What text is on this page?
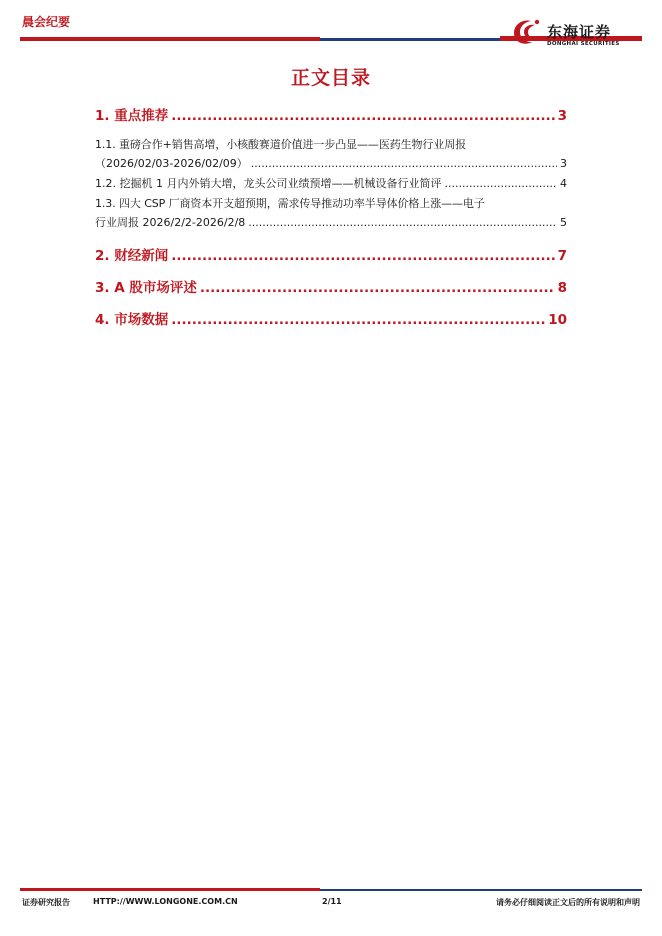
晨会纪要
东海证券
DONGHAI SECURITIES
正文目录
1. 重点推荐 .....	3
1.1. 重磅合作+销售高增，小核酸赛道价值进一步凸显——医药生物行业周报
（2026/02/03-2026/02/09） .....	3
1.2. 挖掘机 1 月内外销大增，龙头公司业绩预增——机械设备行业简评 .....	4
1.3. 四大 CSP 厂商资本开支超预期，需求传导推动功率半导体价格上涨——电子
行业周报 2026/2/2-2026/2/8 .....	5
2. 财经新闻 .....	7
3. A 股市场评述 .....	8
4. 市场数据 .....	10
证券研究报告	HTTP://WWW.LONGONE.COM.CN	2/11	请务必仔细阅读正文后的所有说明和声明
